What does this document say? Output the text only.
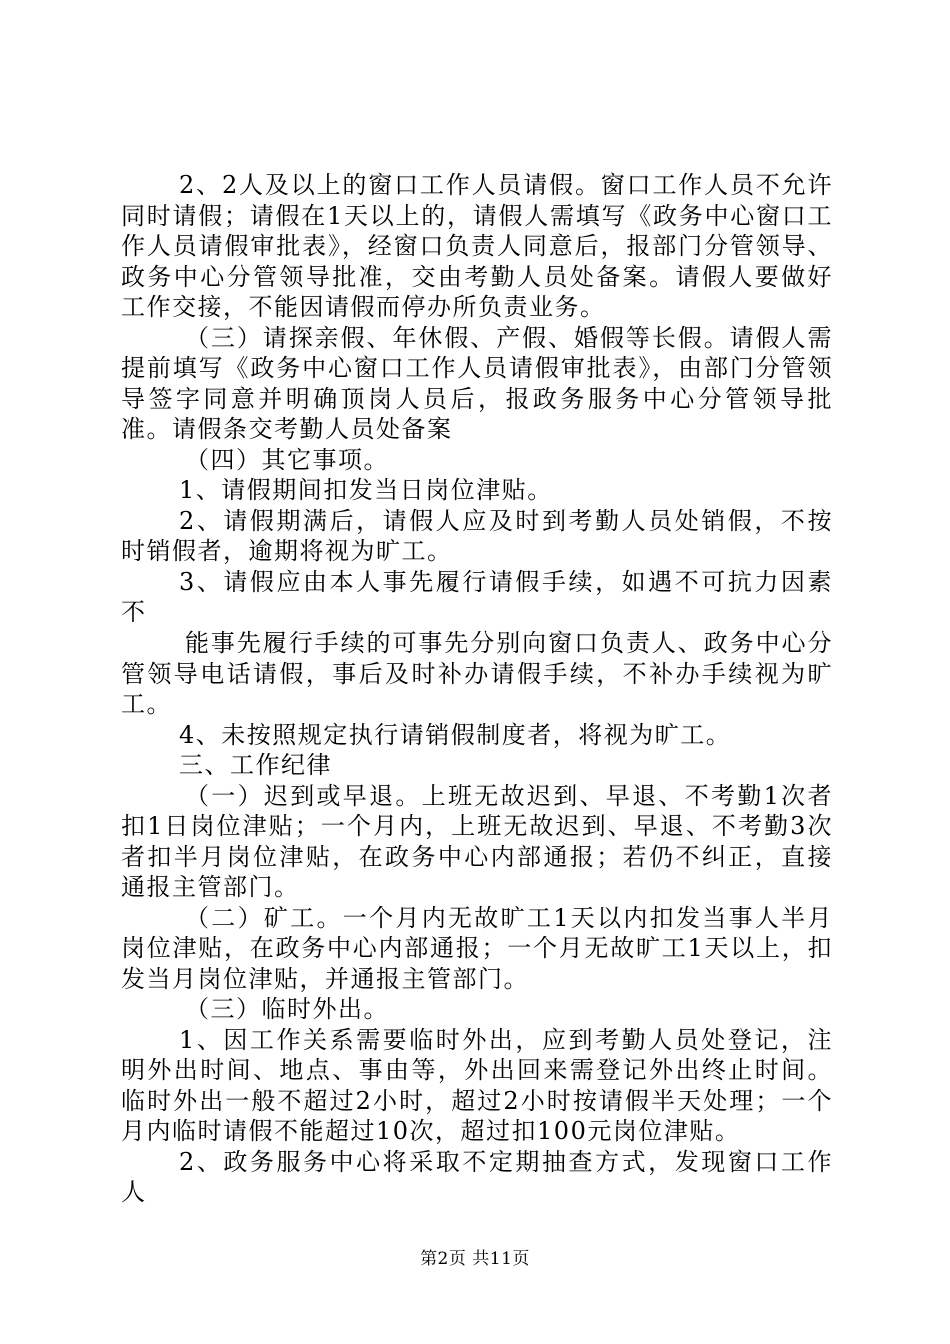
2、2人及以上的窗口工作人员请假。窗口工作人员不允许同时请假；请假在1天以上的，请假人需填写《政务中心窗口工作人员请假审批表》，经窗口负责人同意后，报部门分管领导、政务中心分管领导批准，交由考勤人员处备案。请假人要做好工作交接，不能因请假而停办所负责业务。

（三）请探亲假、年休假、产假、婚假等长假。请假人需提前填写《政务中心窗口工作人员请假审批表》，由部门分管领导签字同意并明确顶岗人员后，报政务服务中心分管领导批准。请假条交考勤人员处备案

（四）其它事项。

1、请假期间扣发当日岗位津贴。

2、请假期满后，请假人应及时到考勤人员处销假，不按时销假者，逾期将视为旷工。

3、请假应由本人事先履行请假手续，如遇不可抗力因素不

能事先履行手续的可事先分别向窗口负责人、政务中心分管领导电话请假，事后及时补办请假手续，不补办手续视为旷工。

4、未按照规定执行请销假制度者，将视为旷工。

三、工作纪律

（一）迟到或早退。上班无故迟到、早退、不考勤1次者扣1日岗位津贴；一个月内，上班无故迟到、早退、不考勤3次者扣半月岗位津贴，在政务中心内部通报；若仍不纠正，直接通报主管部门。

（二）矿工。一个月内无故旷工1天以内扣发当事人半月岗位津贴，在政务中心内部通报；一个月无故旷工1天以上，扣发当月岗位津贴，并通报主管部门。

（三）临时外出。

1、因工作关系需要临时外出，应到考勤人员处登记，注明外出时间、地点、事由等，外出回来需登记外出终止时间。临时外出一般不超过2小时，超过2小时按请假半天处理；一个月内临时请假不能超过10次，超过扣100元岗位津贴。

2、政务服务中心将采取不定期抽查方式，发现窗口工作人

第2页 共11页
